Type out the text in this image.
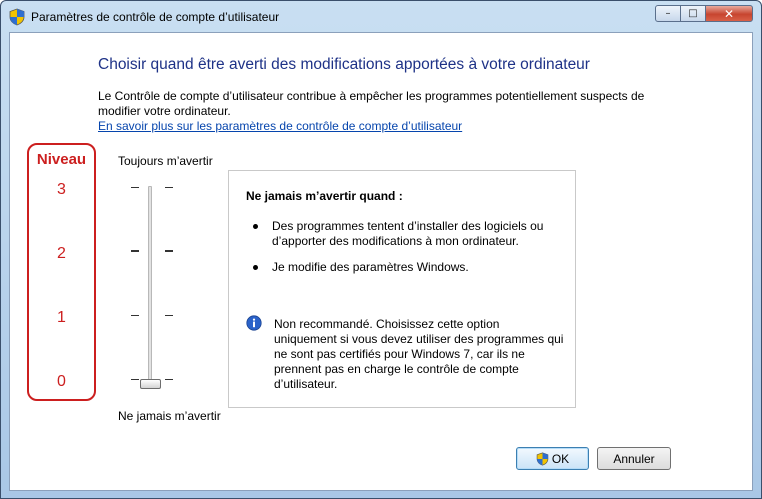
Paramètres de contrôle de compte d’utilisateur	–	□	✕
Choisir quand être averti des modifications apportées à votre ordinateur
Le Contrôle de compte d’utilisateur contribue à empêcher les programmes potentiellement suspects de modifier votre ordinateur.
En savoir plus sur les paramètres de contrôle de compte d’utilisateur
Niveau
3
2
1
0
Toujours m’avertir
Ne jamais m’avertir
Ne jamais m’avertir quand :
Des programmes tentent d’installer des logiciels ou d’apporter des modifications à mon ordinateur.
Je modifie des paramètres Windows.
Non recommandé. Choisissez cette option uniquement si vous devez utiliser des programmes qui ne sont pas certifiés pour Windows 7, car ils ne prennent pas en charge le contrôle de compte d’utilisateur.
OK	Annuler
